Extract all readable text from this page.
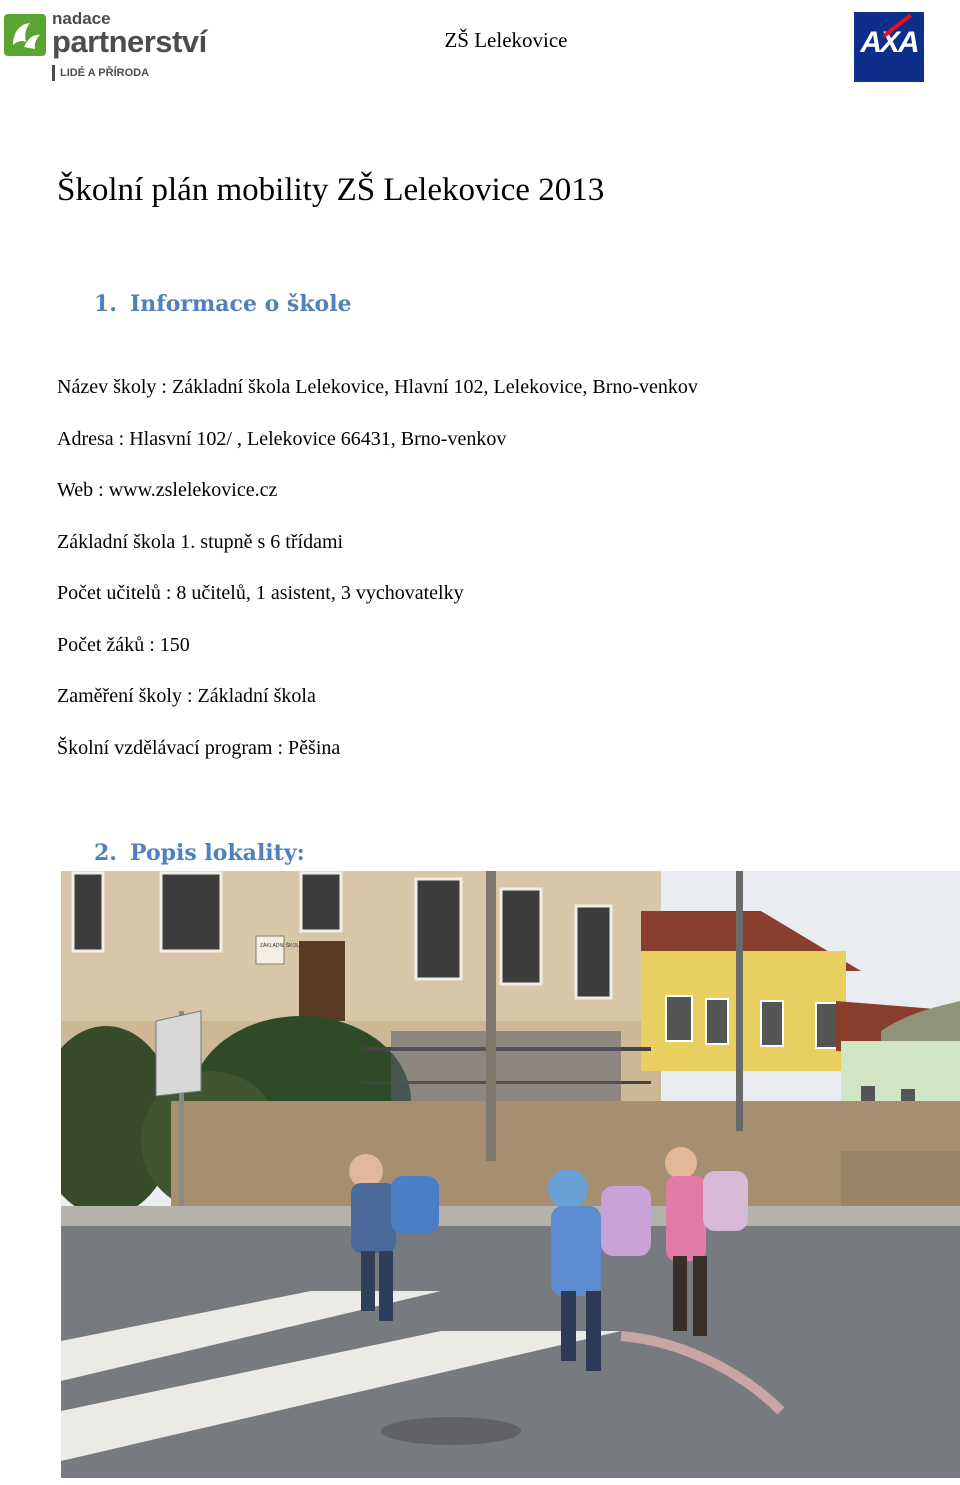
nadace
partnerství
LIDÉ A PŘÍRODA
ZŠ Lelekovice	AXA
Školní plán mobility ZŠ Lelekovice 2013
1. Informace o škole
Název školy : Základní škola Lelekovice, Hlavní 102, Lelekovice, Brno-venkov
Adresa : Hlasvní 102/ , Lelekovice 66431, Brno-venkov
Web : www.zslelekovice.cz
Základní škola 1. stupně s 6 třídami
Počet učitelů : 8 učitelů, 1 asistent, 3 vychovatelky
Počet žáků : 150
Zaměření školy : Základní škola
Školní vzdělávací program : Pěšina
2. Popis lokality:
ZÁKLADNÍ ŠKOLA
